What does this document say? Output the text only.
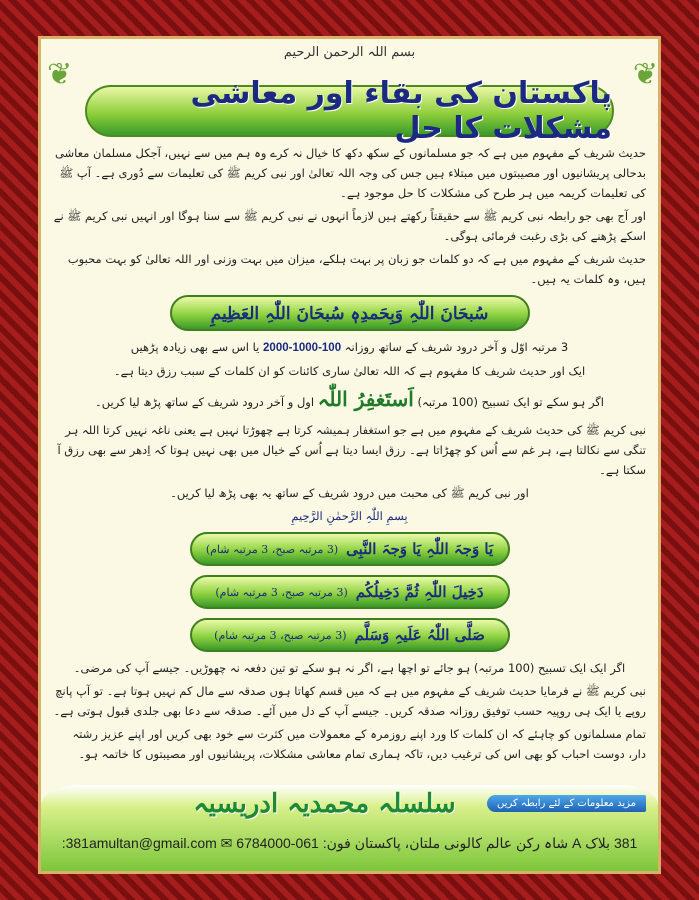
بسم اللہ الرحمن الرحیم
❦	❦
پاکستان کی بقاء اور معاشی مشکلات کا حل
حدیث شریف کے مفہوم میں ہے کہ جو مسلمانوں کے سکھ دکھ کا خیال نہ کرے وہ ہم میں سے نہیں، آجکل مسلمان معاشی بدحالی پریشانیوں اور مصیبتوں میں مبتلاء ہیں جس کی وجہ اللہ تعالیٰ اور نبی کریم ﷺ کی تعلیمات سے دُوری ہے۔ آپ ﷺ کی تعلیمات کریمہ میں ہر طرح کی مشکلات کا حل موجود ہے۔
اور آج بھی جو رابطہ نبی کریم ﷺ سے حقیقتاً رکھتے ہیں لازماً انہوں نے نبی کریم ﷺ سے سنا ہوگا اور انہیں نبی کریم ﷺ نے اسکے پڑھنے کی بڑی رغبت فرمائی ہوگی۔
حدیث شریف کے مفہوم میں ہے کہ دو کلمات جو زبان پر بہت ہلکے، میزان میں بہت وزنی اور اللہ تعالیٰ کو بہت محبوب ہیں، وہ کلمات یہ ہیں۔
سُبحَانَ اللّٰہِ وَبِحَمدِہٖ سُبحَانَ اللّٰہِ العَظِیمِ
3 مرتبہ اوّل و آخر درود شریف کے ساتھ روزانہ 100-1000-2000 یا اس سے بھی زیادہ پڑھیں
ایک اور حدیث شریف کا مفہوم ہے کہ اللہ تعالیٰ ساری کائنات کو ان کلمات کے سبب رزق دیتا ہے۔
اگر ہو سکے تو ایک تسبیح (100 مرتبہ) اَستَغفِرُ اللّٰہ اول و آخر درود شریف کے ساتھ پڑھ لیا کریں۔
نبی کریم ﷺ کی حدیث شریف کے مفہوم میں ہے جو استغفار ہمیشہ کرتا ہے چھوڑتا نہیں ہے یعنی ناغہ نہیں کرتا اللہ ہر تنگی سے نکالتا ہے، ہر غم سے اُس کو چھڑاتا ہے۔ رزق ایسا دیتا ہے اُس کے خیال میں بھی نہیں ہوتا کہ اِدھر سے بھی رزق آ سکتا ہے۔
اور نبی کریم ﷺ کی محبت میں درود شریف کے ساتھ یہ بھی پڑھ لیا کریں۔
بِسمِ اللّٰہِ الرَّحمٰنِ الرَّحِیمِ
یَا وَجہَ اللّٰہِ یَا وَجہَ النَّبِی
(3 مرتبہ صبح، 3 مرتبہ شام)
دَخِیلَ اللّٰہِ ثُمَّ دَخِیلُکُم
(3 مرتبہ صبح، 3 مرتبہ شام)
صَلَّی اللّٰہُ عَلَیہِ وَسَلَّم
(3 مرتبہ صبح، 3 مرتبہ شام)
اگر ایک ایک تسبیح (100 مرتبہ) ہو جائے تو اچھا ہے، اگر نہ ہو سکے تو تین دفعہ نہ چھوڑیں۔ جیسے آپ کی مرضی۔
نبی کریم ﷺ نے فرمایا حدیث شریف کے مفہوم میں ہے کہ میں قسم کھاتا ہوں صدقہ سے مال کم نہیں ہوتا ہے۔ تو آپ پانچ روپے یا ایک ہی روپیہ حسب توفیق روزانہ صدقہ کریں۔ جیسے آپ کے دل میں آئے۔ صدقہ سے دعا بھی جلدی قبول ہوتی ہے۔
تمام مسلمانوں کو چاہئے کہ ان کلمات کا ورد اپنے روزمرہ کے معمولات میں کثرت سے خود بھی کریں اور اپنے عزیز رشتہ دار، دوست احباب کو بھی اس کی ترغیب دیں، تاکہ ہماری تمام معاشی مشکلات، پریشانیوں اور مصیبتوں کا خاتمہ ہو۔
مزید معلومات کے لئے رابطہ کریں
سلسلہ محمدیہ ادریسیہ
381 بلاک A شاہ رکن عالم کالونی ملتان، پاکستان فون: 061-6784000 ✉ 381amultan@gmail.com:
